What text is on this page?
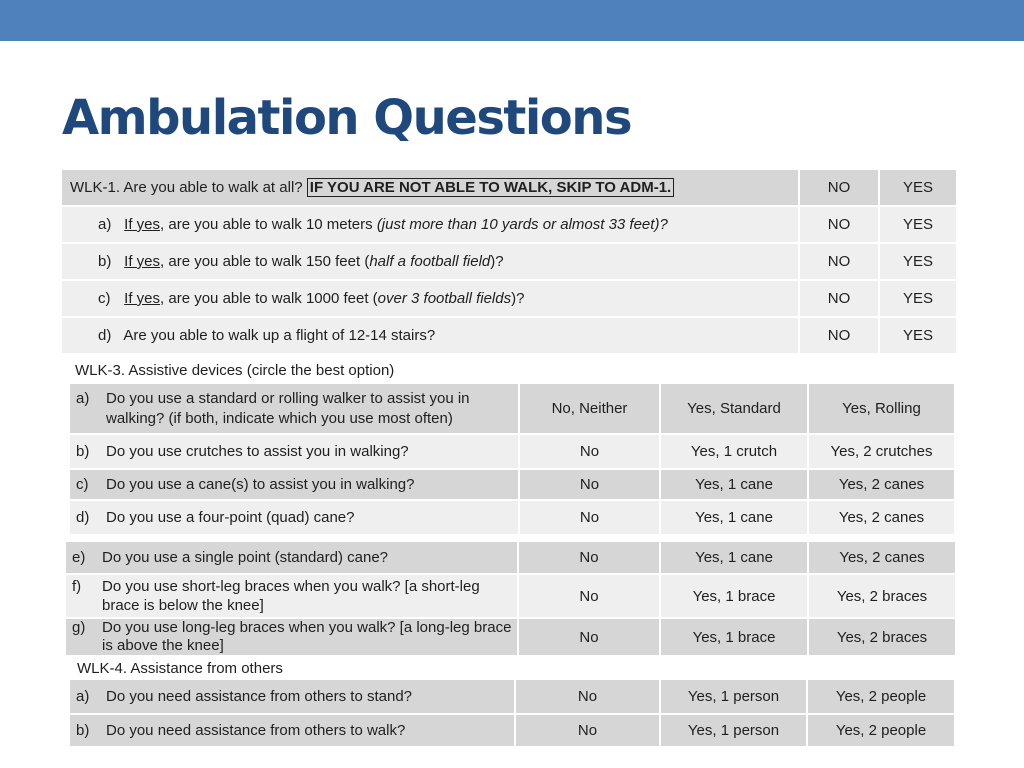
Ambulation Questions
WLK-1. Are you able to walk at all? IF YOU ARE NOT ABLE TO WALK, SKIP TO ADM-1.	NO	YES
a) If yes, are you able to walk 10 meters (just more than 10 yards or almost 33 feet)?	NO	YES
b) If yes, are you able to walk 150 feet (half a football field)?	NO	YES
c) If yes, are you able to walk 1000 feet (over 3 football fields)?	NO	YES
d) Are you able to walk up a flight of 12-14 stairs?	NO	YES
WLK-3. Assistive devices (circle the best option)
a) Do you use a standard or rolling walker to assist you in walking? (if both, indicate which you use most often)	No, Neither	Yes, Standard	Yes, Rolling
b) Do you use crutches to assist you in walking?	No	Yes, 1 crutch	Yes, 2 crutches
c) Do you use a cane(s) to assist you in walking?	No	Yes, 1 cane	Yes, 2 canes
d) Do you use a four-point (quad) cane?	No	Yes, 1 cane	Yes, 2 canes
e) Do you use a single point (standard) cane?	No	Yes, 1 cane	Yes, 2 canes

f) Do you use short-leg braces when you walk? [a short-leg brace is below the knee]	No	Yes, 1 brace	Yes, 2 braces

g) Do you use long-leg braces when you walk? [a long-leg brace is above the knee]	No	Yes, 1 brace	Yes, 2 braces
WLK-4. Assistance from others
a) Do you need assistance from others to stand?	No	Yes, 1 person	Yes, 2 people
b) Do you need assistance from others to walk?	No	Yes, 1 person	Yes, 2 people
